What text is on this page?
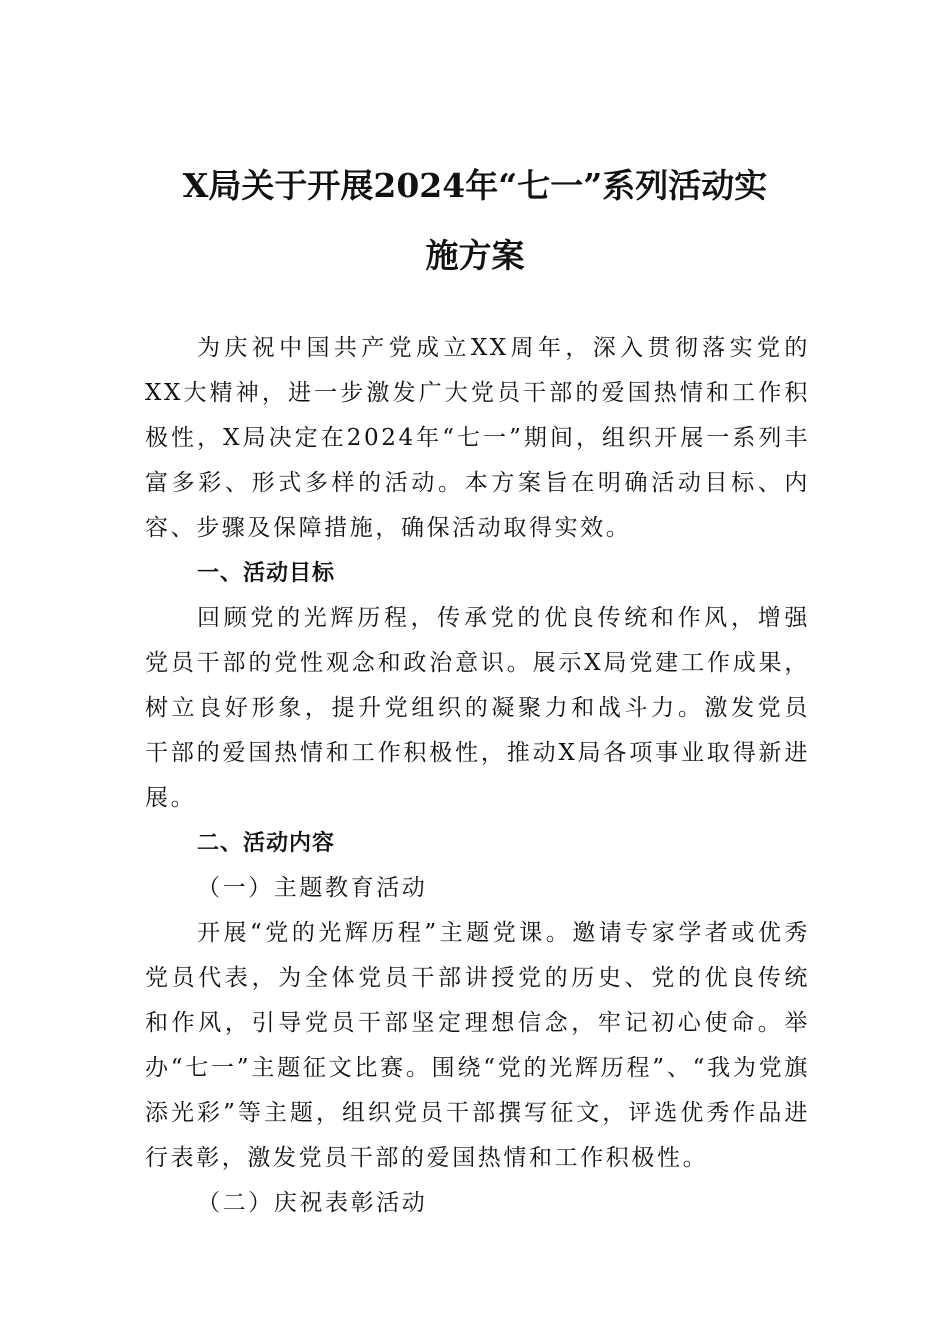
X局关于开展2024年“七一”系列活动实
施方案

为庆祝中国共产党成立XX周年，深入贯彻落实党的XX大精神，进一步激发广大党员干部的爱国热情和工作积极性，X局决定在2024年“七一”期间，组织开展一系列丰富多彩、形式多样的活动。本方案旨在明确活动目标、内容、步骤及保障措施，确保活动取得实效。

一、活动目标

回顾党的光辉历程，传承党的优良传统和作风，增强党员干部的党性观念和政治意识。展示X局党建工作成果，树立良好形象，提升党组织的凝聚力和战斗力。激发党员干部的爱国热情和工作积极性，推动X局各项事业取得新进展。

二、活动内容

（一）主题教育活动

开展“党的光辉历程”主题党课。邀请专家学者或优秀党员代表，为全体党员干部讲授党的历史、党的优良传统和作风，引导党员干部坚定理想信念，牢记初心使命。举办“七一”主题征文比赛。围绕“党的光辉历程”、“我为党旗添光彩”等主题，组织党员干部撰写征文，评选优秀作品进行表彰，激发党员干部的爱国热情和工作积极性。

（二）庆祝表彰活动
